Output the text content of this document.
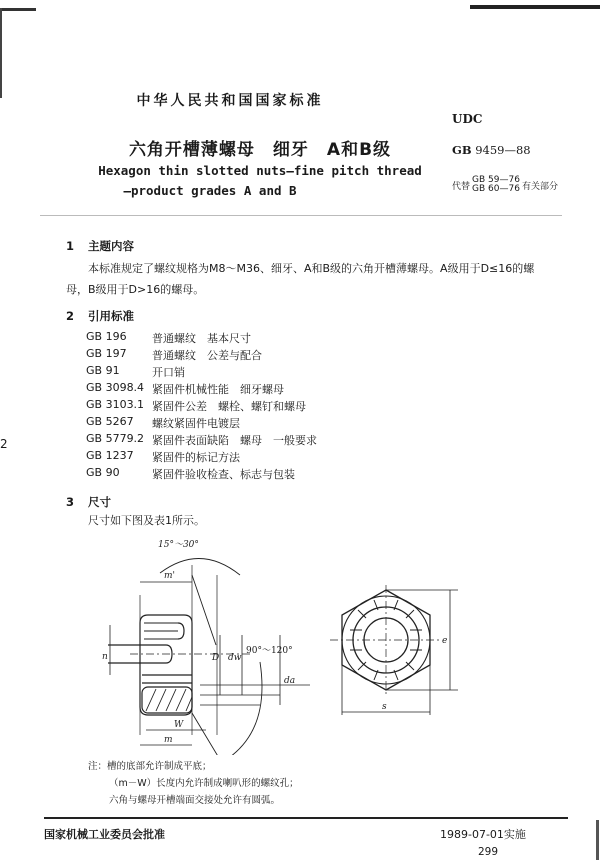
中华人民共和国国家标准
六角开槽薄螺母　细牙　A和B级
Hexagon thin slotted nuts—fine pitch thread
—product grades A and B
UDC
GB 9459—88
代替
GB 59—76
GB 60—76 有关部分
1 主题内容
本标准规定了螺纹规格为M8～M36、细牙、A和B级的六角开槽薄螺母。A级用于D≤16的螺
母，B级用于D>16的螺母。
2 引用标准
GB 196	普通螺纹　基本尺寸
GB 197	普通螺纹　公差与配合
GB 91	开口销
GB 3098.4 紧固件机械性能　细牙螺母
GB 3103.1 紧固件公差　螺栓、螺钉和螺母
GB 5267	螺纹紧固件电镀层
GB 5779.2 紧固件表面缺陷　螺母　一般要求
GB 1237	紧固件的标记方法
GB 90	紧固件验收检查、标志与包装
2
3 尺寸
尺寸如下图及表1所示。
15°～30°
m'
n	D dw
90°～120°
da
W
m
e
s
注：槽的底部允许制成平底；
（m－W）长度内允许制成喇叭形的螺纹孔；
六角与螺母开槽端面交接处允许有圆弧。
国家机械工业委员会批准	1989-07-01实施
299
